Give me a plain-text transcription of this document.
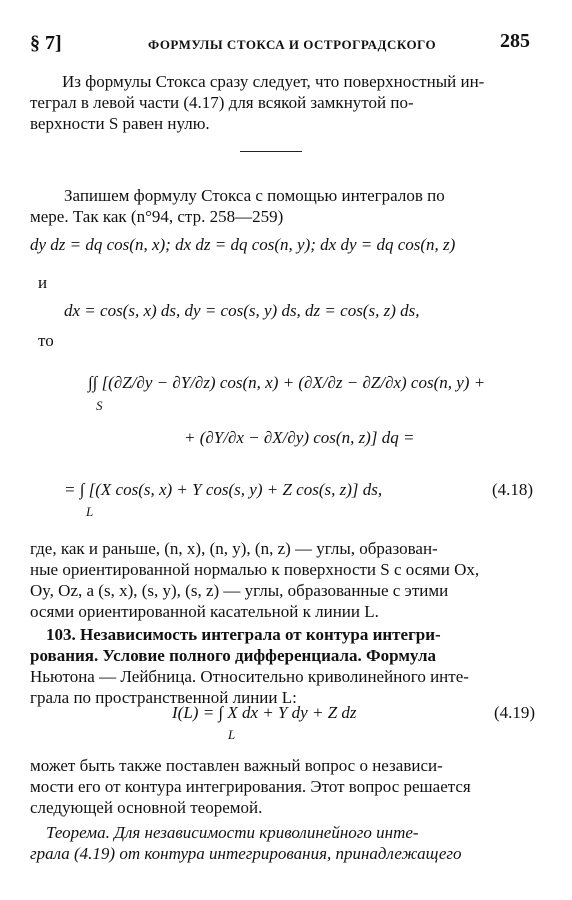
§ 7]	ФОРМУЛЫ СТОКСА И ОСТРОГРАДСКОГО	285
Из формулы Стокса сразу следует, что поверхностный ин-
теграл в левой части (4.17) для всякой замкнутой по-
верхности S равен нулю.
Запишем формулу Стокса с помощью интегралов по
мере. Так как (n°94, стр. 258—259)
dy dz = dq cos(n, x); dx dz = dq cos(n, y); dx dy = dq cos(n, z)
и
dx = cos(s, x) ds, dy = cos(s, y) ds, dz = cos(s, z) ds,
то
∫∫ [(∂Z/∂y − ∂Y/∂z) cos(n, x) + (∂X/∂z − ∂Z/∂x) cos(n, y) +
S
+ (∂Y/∂x − ∂X/∂y) cos(n, z)] dq =
= ∫ [(X cos(s, x) + Y cos(s, y) + Z cos(s, z)] ds,
L
(4.18)
где, как и раньше, (n, x), (n, y), (n, z) — углы, образован-
ные ориентированной нормалью к поверхности S с осями Ox,
Oy, Oz, а (s, x), (s, y), (s, z) — углы, образованные с этими
осями ориентированной касательной к линии L.
103. Независимость интеграла от контура интегри-
рования. Условие полного дифференциала. Формула
Ньютона — Лейбница. Относительно криволинейного инте-
грала по пространственной линии L:
I(L) = ∫ X dx + Y dy + Z dz
L
(4.19)
может быть также поставлен важный вопрос о независи-
мости его от контура интегрирования. Этот вопрос решается
следующей основной теоремой.
Теорема. Для независимости криволинейного инте-
грала (4.19) от контура интегрирования, принадлежащего
